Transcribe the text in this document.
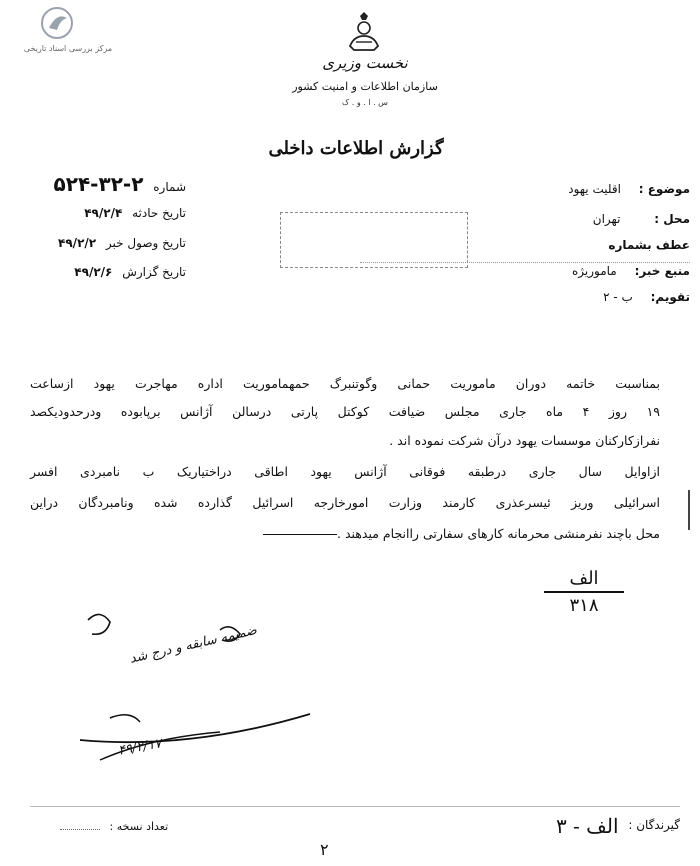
مرکز بررسی اسناد تاریخی
نخست وزیری
سازمان اطلاعات و امنیت کشور
س . ا . و . ک
گزارش اطلاعات داخلی
شماره ۲-۳۲-۵۲۴
تاریخ حادثه ۴۹/۲/۴
تاریخ وصول خبر ۴۹/۲/۲
تاریخ گزارش ۴۹/۲/۶
موضوع : اقلیت یهود
محل : تهران
عطف بشماره
منبع خبر: ماموریژه
تقویم: ب - ۲
بمناسبت خاتمه دوران ماموریت حمانی وگوتنبرگ حمهماموریت اداره مهاجرت یهود ازساعت
۱۹ روز ۴ ماه جاری مجلس ضیافت کوکتل پارتی درسالن آژانس برپابوده ودرحدودیکصد
نفرازکارکنان موسسات یهود درآن شرکت نموده اند .
ازاوایل سال جاری درطبقه فوقانی آژانس یهود اطاقی دراختیاریک ب نامبردی افسر
اسرائیلی وریز ئیسرعذری کارمند وزارت امورخارجه اسرائیل گذارده شده ونامبردگان دراین
محل باچند نفرمنشی محرمانه کارهای سفارتی راانجام میدهند .
الف
۳۱۸
ضمیمه سابقه و درج شد
۴۹/۲/۱۷
گیرندگان : الف - ۳
تعداد نسخه :
۲
